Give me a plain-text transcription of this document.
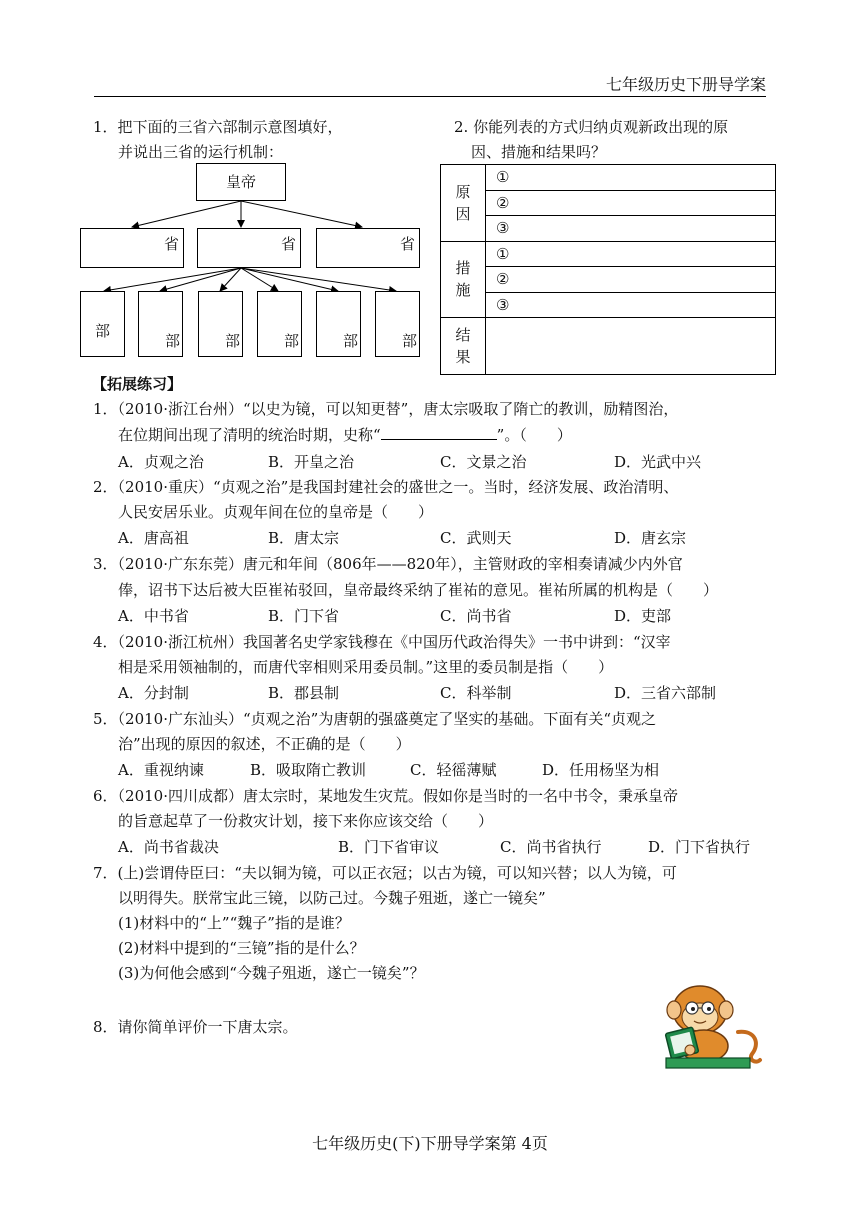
七年级历史下册导学案
1．把下面的三省六部制示意图填好，
并说出三省的运行机制：
2. 你能列表的方式归纳贞观新政出现的原
因、措施和结果吗？
皇帝
省	省	省
部
部	部	部	部	部
原
因	①
	②
	③
措
施	①
	②
	③
结
果	
【拓展练习】
1．（2010·浙江台州）“以史为镜，可以知更替”，唐太宗吸取了隋亡的教训，励精图治，
在位期间出现了清明的统治时期，史称“	”。（　　）
A．贞观之治	B．开皇之治	C．文景之治	D．光武中兴
2．（2010·重庆）“贞观之治”是我国封建社会的盛世之一。当时，经济发展、政治清明、
人民安居乐业。贞观年间在位的皇帝是（　　）
A．唐高祖	B．唐太宗	C．武则天	D．唐玄宗
3．（2010·广东东莞）唐元和年间（806年——820年），主管财政的宰相奏请减少内外官
俸，诏书下达后被大臣崔祐驳回，皇帝最终采纳了崔祐的意见。崔祐所属的机构是（　　）
A．中书省	B．门下省	C．尚书省	D．吏部
4．（2010·浙江杭州）我国著名史学家钱穆在《中国历代政治得失》一书中讲到：“汉宰
相是采用领袖制的，而唐代宰相则采用委员制。”这里的委员制是指（　　）
A．分封制	B．郡县制	C．科举制	D．三省六部制
5．（2010·广东汕头）“贞观之治”为唐朝的强盛奠定了坚实的基础。下面有关“贞观之
治”出现的原因的叙述，不正确的是（　　）
A．重视纳谏	B．吸取隋亡教训	C．轻徭薄赋	D．任用杨坚为相
6．（2010·四川成都）唐太宗时，某地发生灾荒。假如你是当时的一名中书令，秉承皇帝
的旨意起草了一份救灾计划，接下来你应该交给（　　）
A．尚书省裁决	B．门下省审议	C．尚书省执行	D．门下省执行
7．(上)尝谓侍臣曰：“夫以铜为镜，可以正衣冠；以古为镜，可以知兴替；以人为镜，可
以明得失。朕常宝此三镜，以防己过。今魏子殂逝，遂亡一镜矣”
(1)材料中的“上”“魏子”指的是谁？
(2)材料中提到的“三镜”指的是什么？
(3)为何他会感到“今魏子殂逝，遂亡一镜矣”？
8．请你简单评价一下唐太宗。
七年级历史(下)下册导学案第 4页
